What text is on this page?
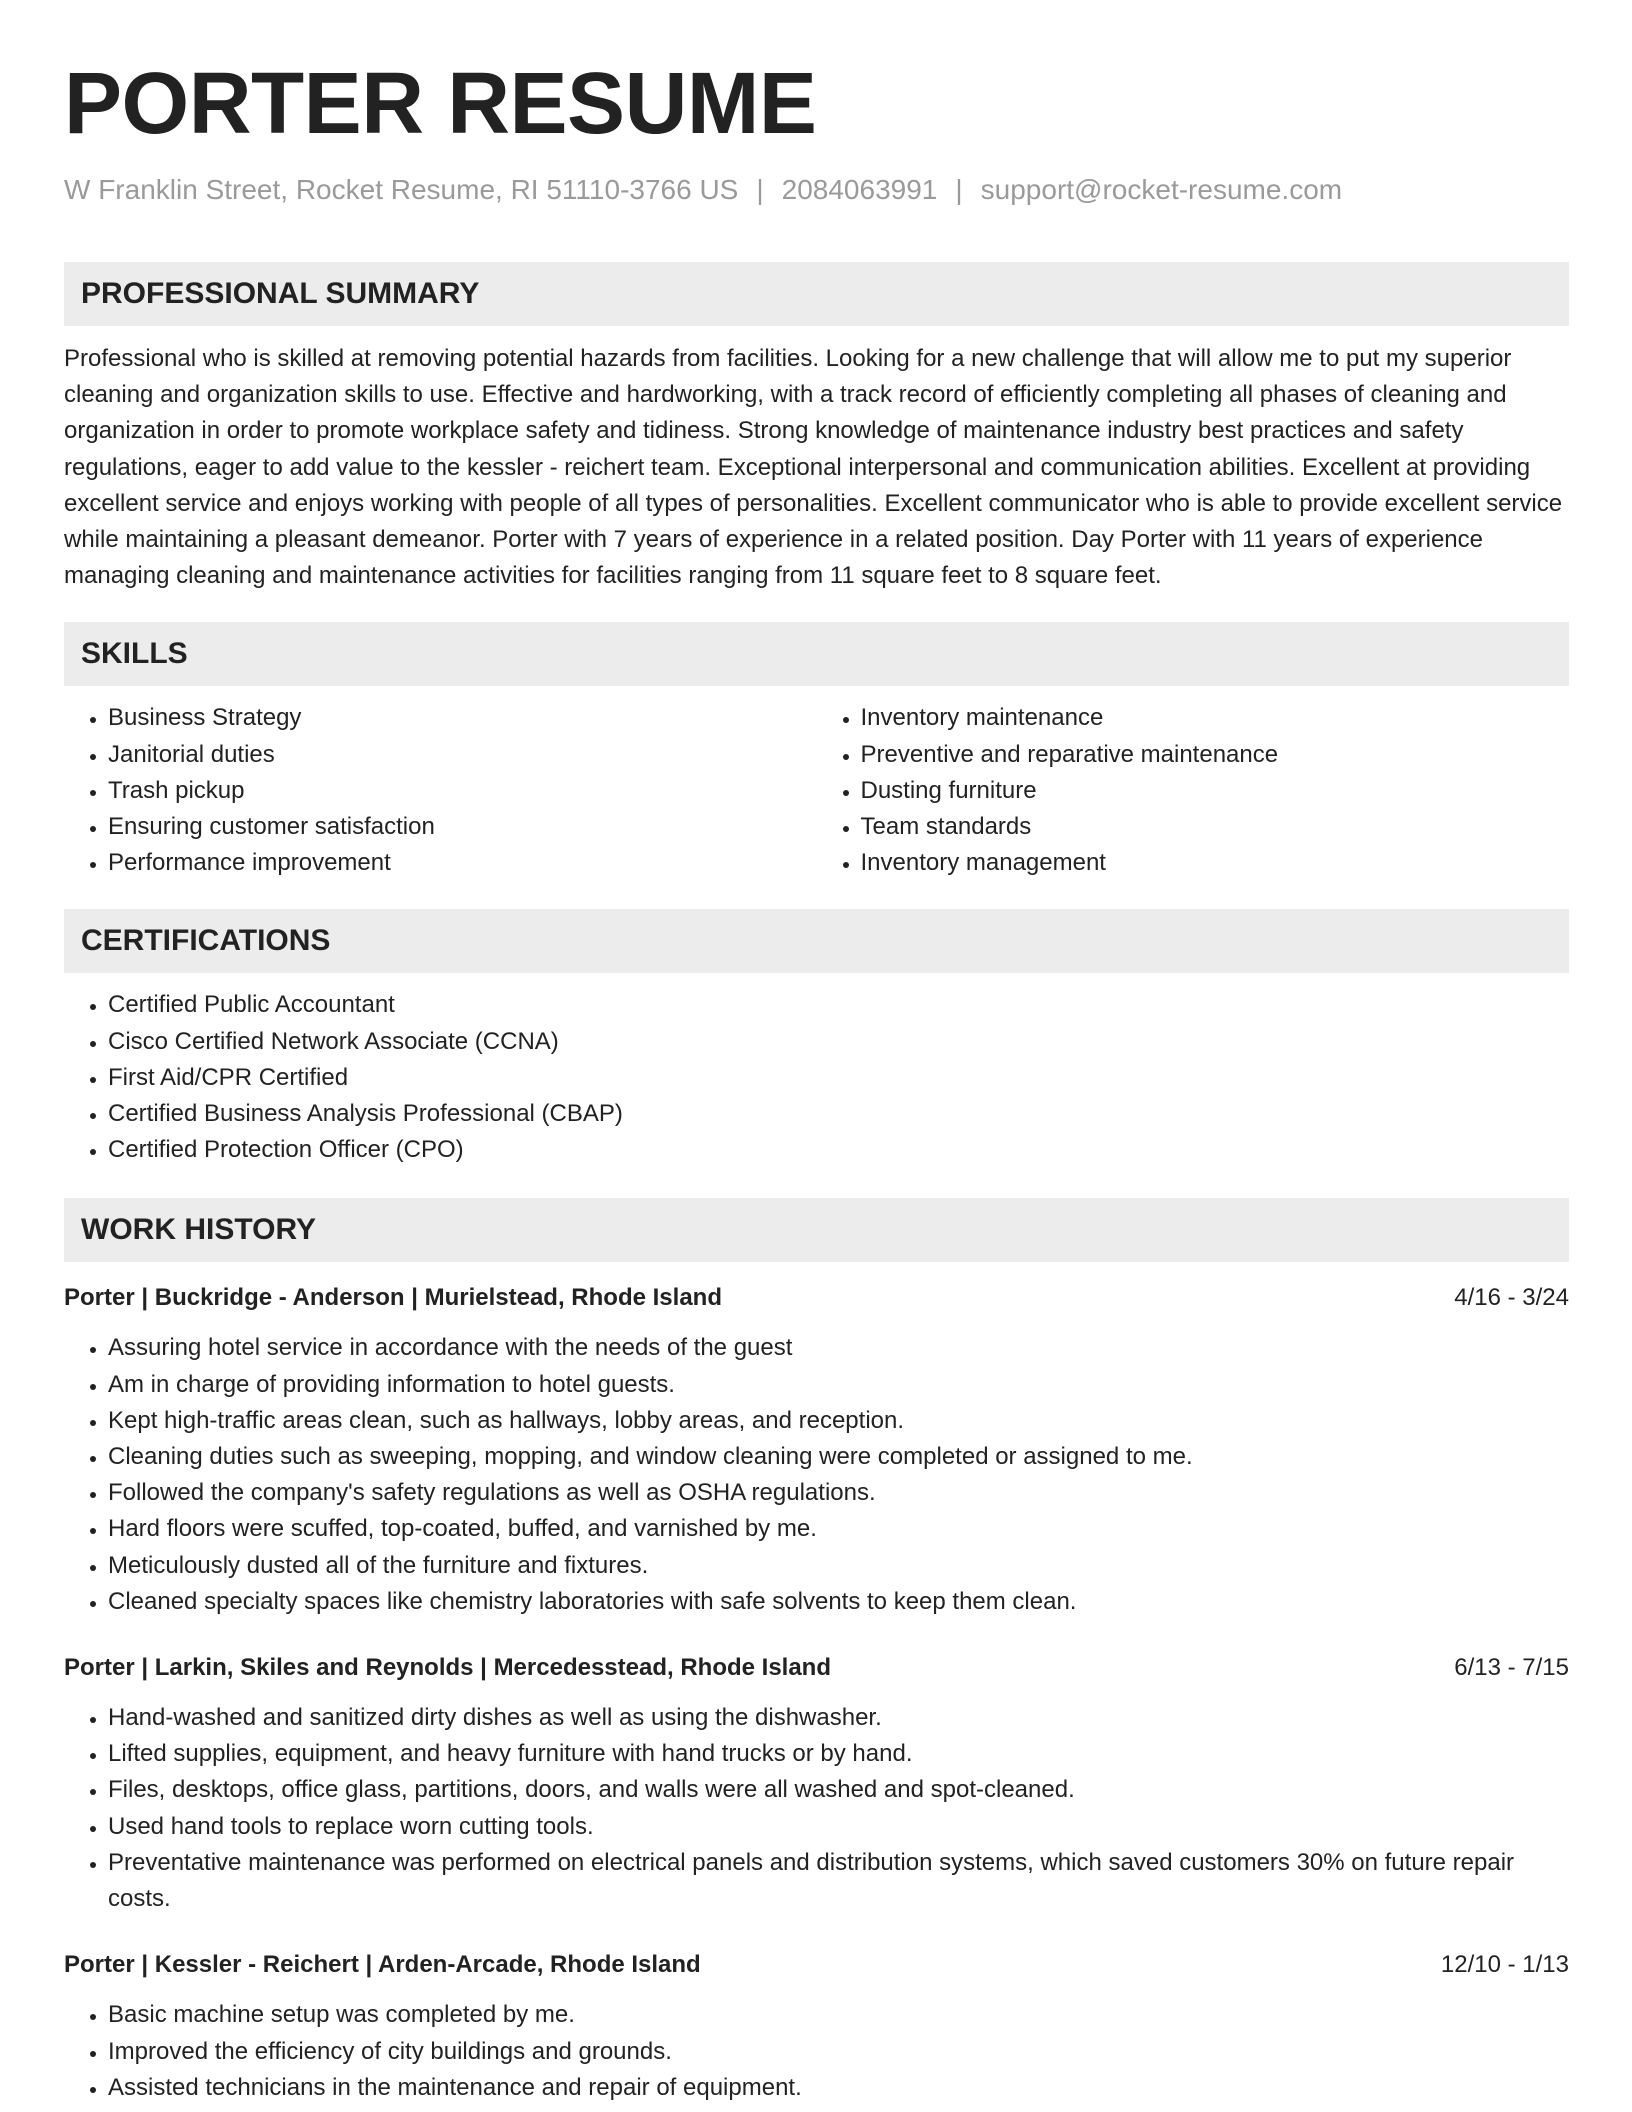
PORTER RESUME
W Franklin Street, Rocket Resume, RI 51110-3766 US | 2084063991 | support@rocket-resume.com
PROFESSIONAL SUMMARY

Professional who is skilled at removing potential hazards from facilities. Looking for a new challenge that will allow me to put my superior cleaning and organization skills to use. Effective and hardworking, with a track record of efficiently completing all phases of cleaning and organization in order to promote workplace safety and tidiness. Strong knowledge of maintenance industry best practices and safety regulations, eager to add value to the kessler - reichert team. Exceptional interpersonal and communication abilities. Excellent at providing excellent service and enjoys working with people of all types of personalities. Excellent communicator who is able to provide excellent service while maintaining a pleasant demeanor. Porter with 7 years of experience in a related position. Day Porter with 11 years of experience managing cleaning and maintenance activities for facilities ranging from 11 square feet to 8 square feet.

SKILLS
• Business Strategy
• Janitorial duties
• Trash pickup
• Ensuring customer satisfaction
• Performance improvement
• Inventory maintenance
• Preventive and reparative maintenance
• Dusting furniture
• Team standards
• Inventory management
CERTIFICATIONS
• Certified Public Accountant
• Cisco Certified Network Associate (CCNA)
• First Aid/CPR Certified
• Certified Business Analysis Professional (CBAP)
• Certified Protection Officer (CPO)
WORK HISTORY
Porter | Buckridge - Anderson | Murielstead, Rhode Island	4/16 - 3/24
• Assuring hotel service in accordance with the needs of the guest
• Am in charge of providing information to hotel guests.
• Kept high-traffic areas clean, such as hallways, lobby areas, and reception.
• Cleaning duties such as sweeping, mopping, and window cleaning were completed or assigned to me.
• Followed the company's safety regulations as well as OSHA regulations.
• Hard floors were scuffed, top-coated, buffed, and varnished by me.
• Meticulously dusted all of the furniture and fixtures.
• Cleaned specialty spaces like chemistry laboratories with safe solvents to keep them clean.
Porter | Larkin, Skiles and Reynolds | Mercedesstead, Rhode Island	6/13 - 7/15
• Hand-washed and sanitized dirty dishes as well as using the dishwasher.
• Lifted supplies, equipment, and heavy furniture with hand trucks or by hand.
• Files, desktops, office glass, partitions, doors, and walls were all washed and spot-cleaned.
• Used hand tools to replace worn cutting tools.
• Preventative maintenance was performed on electrical panels and distribution systems, which saved customers 30% on future repair costs.
Porter | Kessler - Reichert | Arden-Arcade, Rhode Island	12/10 - 1/13
• Basic machine setup was completed by me.
• Improved the efficiency of city buildings and grounds.
• Assisted technicians in the maintenance and repair of equipment.
